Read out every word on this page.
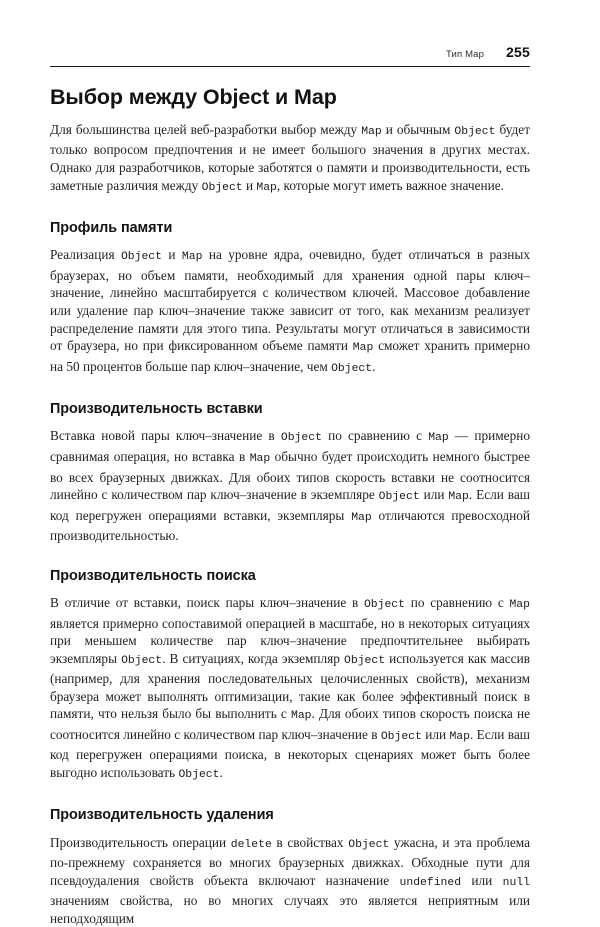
Тип Map 255
Выбор между Object и Map

Для большинства целей веб-разработки выбор между Map и обычным Object будет только вопросом предпочтения и не имеет большого значения в других местах. Однако для разработчиков, которые заботятся о памяти и производительности, есть заметные различия между Object и Map, которые могут иметь важное значение.

Профиль памяти

Реализация Object и Map на уровне ядра, очевидно, будет отличаться в разных браузерах, но объем памяти, необходимый для хранения одной пары ключ–значение, линейно масштабируется с количеством ключей. Массовое добавление или удаление пар ключ–значение также зависит от того, как механизм реализует распределение памяти для этого типа. Результаты могут отличаться в зависимости от браузера, но при фиксированном объеме памяти Map сможет хранить примерно на 50 процентов больше пар ключ–значение, чем Object.

Производительность вставки

Вставка новой пары ключ–значение в Object по сравнению с Map — примерно сравнимая операция, но вставка в Map обычно будет происходить немного быстрее во всех браузерных движках. Для обоих типов скорость вставки не соотносится линейно с количеством пар ключ–значение в экземпляре Object или Map. Если ваш код перегружен операциями вставки, экземпляры Map отличаются превосходной производительностью.

Производительность поиска

В отличие от вставки, поиск пары ключ–значение в Object по сравнению с Map является примерно сопоставимой операцией в масштабе, но в некоторых ситуациях при меньшем количестве пар ключ–значение предпочтительнее выбирать экземпляры Object. В ситуациях, когда экземпляр Object используется как массив (например, для хранения последовательных целочисленных свойств), механизм браузера может выполнять оптимизации, такие как более эффективный поиск в памяти, что нельзя было бы выполнить с Map. Для обоих типов скорость поиска не соотносится линейно с количеством пар ключ–значение в Object или Map. Если ваш код перегружен операциями поиска, в некоторых сценариях может быть более выгодно использовать Object.

Производительность удаления

Производительность операции delete в свойствах Object ужасна, и эта проблема по-прежнему сохраняется во многих браузерных движках. Обходные пути для псевдоудаления свойств объекта включают назначение undefined или null значениям свойства, но во многих случаях это является неприятным или неподходящим
